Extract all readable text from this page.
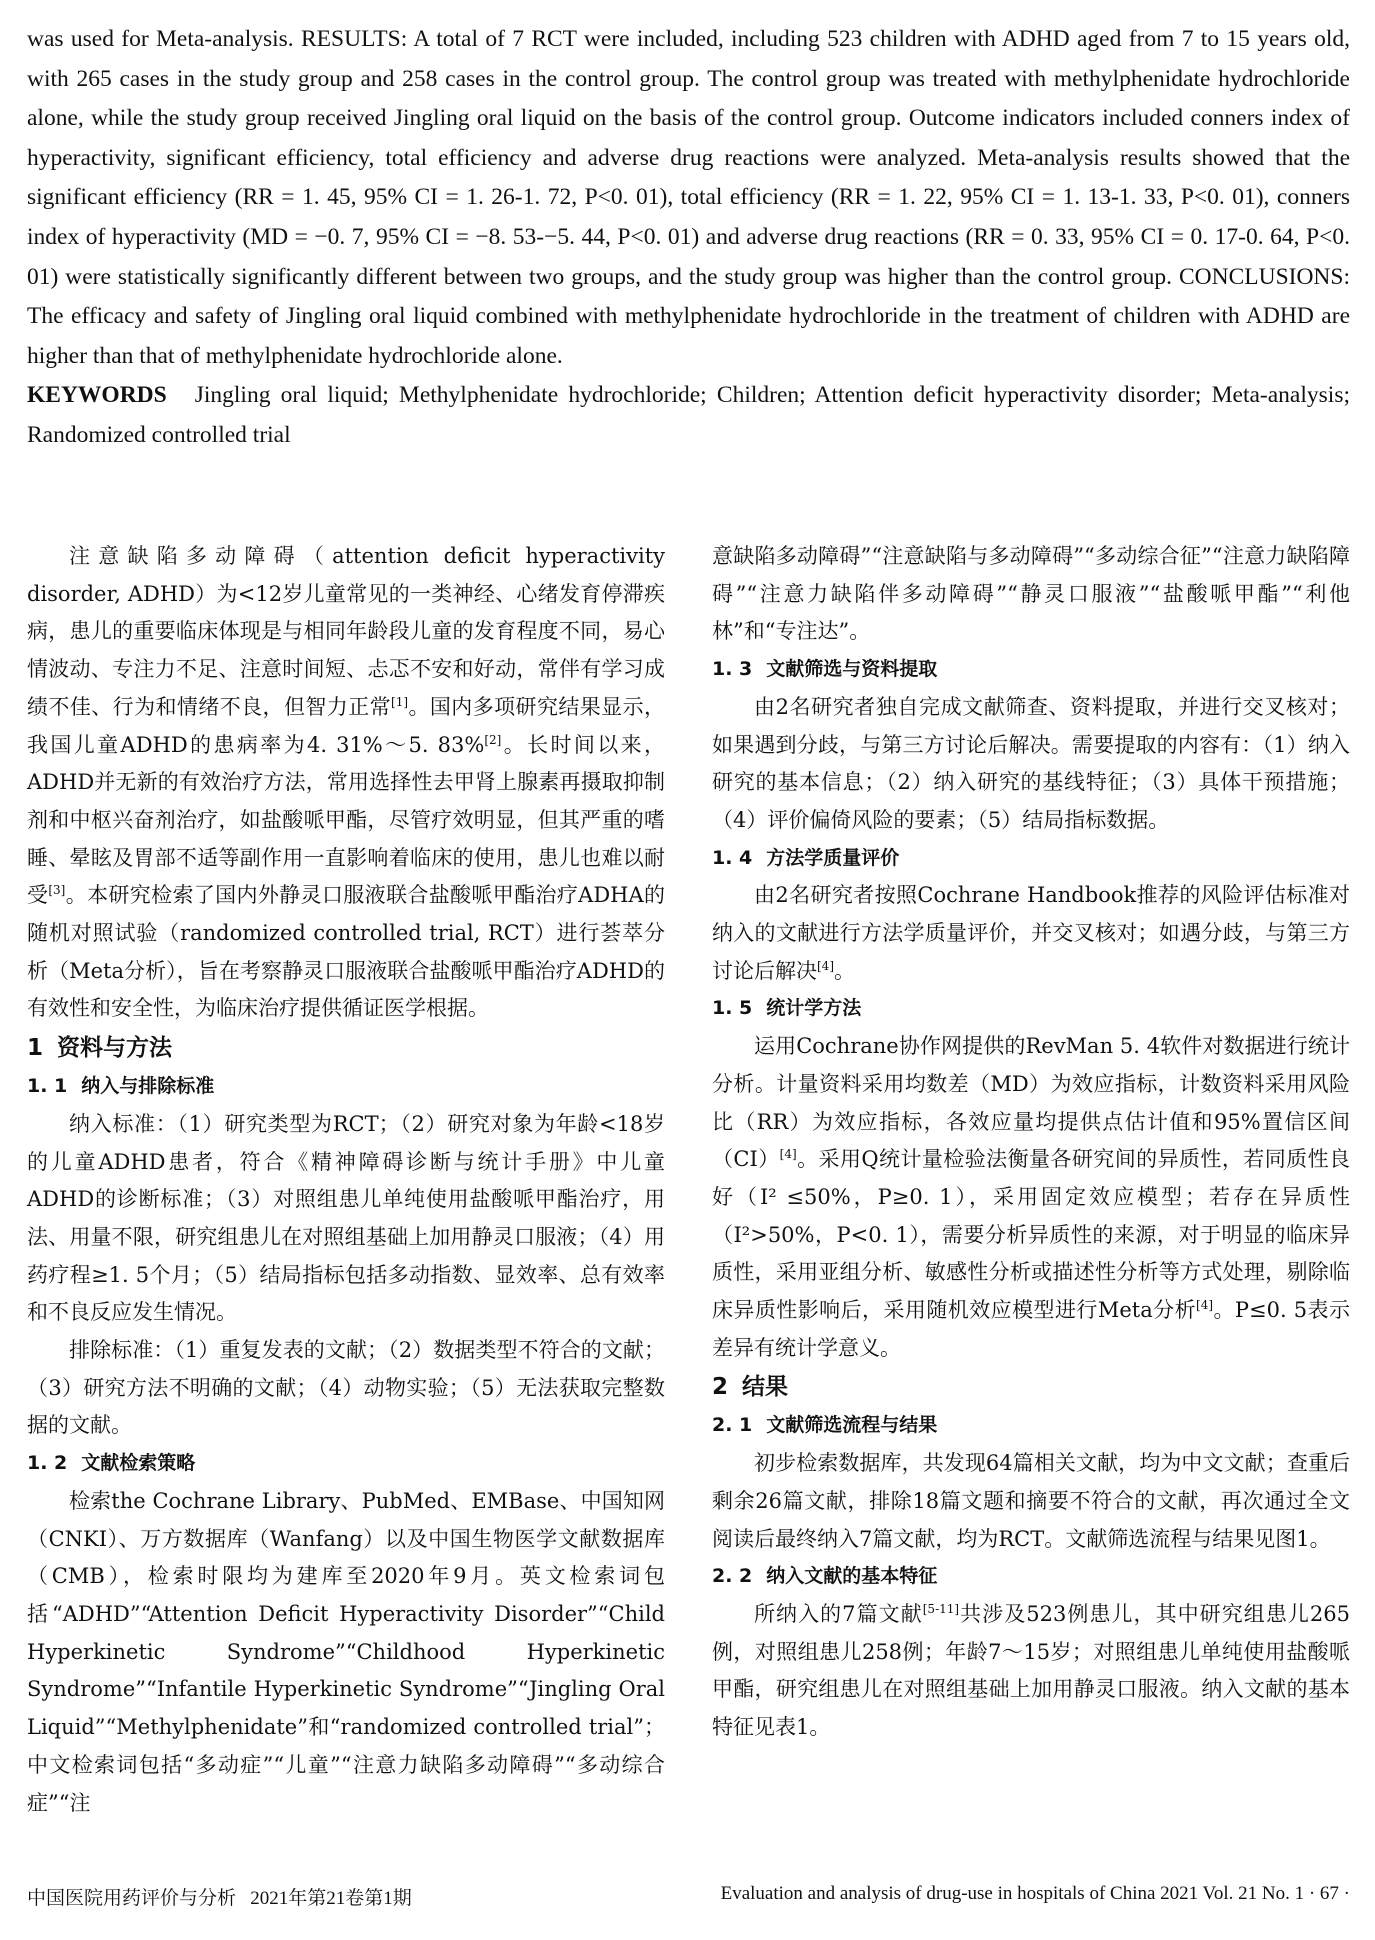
was used for Meta-analysis. RESULTS: A total of 7 RCT were included, including 523 children with ADHD aged from 7 to 15 years old, with 265 cases in the study group and 258 cases in the control group. The control group was treated with methylphenidate hydrochloride alone, while the study group received Jingling oral liquid on the basis of the control group. Outcome indicators included conners index of hyperactivity, significant efficiency, total efficiency and adverse drug reactions were analyzed. Meta-analysis results showed that the significant efficiency (RR = 1. 45, 95% CI = 1. 26-1. 72, P<0. 01), total efficiency (RR = 1. 22, 95% CI = 1. 13-1. 33, P<0. 01), conners index of hyperactivity (MD = −0. 7, 95% CI = −8. 53-−5. 44, P<0. 01) and adverse drug reactions (RR = 0. 33, 95% CI = 0. 17-0. 64, P<0. 01) were statistically significantly different between two groups, and the study group was higher than the control group. CONCLUSIONS: The efficacy and safety of Jingling oral liquid combined with methylphenidate hydrochloride in the treatment of children with ADHD are higher than that of methylphenidate hydrochloride alone.

KEYWORDS Jingling oral liquid; Methylphenidate hydrochloride; Children; Attention deficit hyperactivity disorder; Meta-analysis; Randomized controlled trial

注意缺陷多动障碍（attention deficit hyperactivity disorder, ADHD）为<12岁儿童常见的一类神经、心绪发育停滞疾病，患儿的重要临床体现是与相同年龄段儿童的发育程度不同，易心情波动、专注力不足、注意时间短、忐忑不安和好动，常伴有学习成绩不佳、行为和情绪不良，但智力正常[1]。国内多项研究结果显示，我国儿童ADHD的患病率为4. 31%～5. 83%[2]。长时间以来，ADHD并无新的有效治疗方法，常用选择性去甲肾上腺素再摄取抑制剂和中枢兴奋剂治疗，如盐酸哌甲酯，尽管疗效明显，但其严重的嗜睡、晕眩及胃部不适等副作用一直影响着临床的使用，患儿也难以耐受[3]。本研究检索了国内外静灵口服液联合盐酸哌甲酯治疗ADHA的随机对照试验（randomized controlled trial, RCT）进行荟萃分析（Meta分析），旨在考察静灵口服液联合盐酸哌甲酯治疗ADHD的有效性和安全性，为临床治疗提供循证医学根据。

1 资料与方法
1. 1 纳入与排除标准

纳入标准：（1）研究类型为RCT；（2）研究对象为年龄<18岁的儿童ADHD患者，符合《精神障碍诊断与统计手册》中儿童ADHD的诊断标准；（3）对照组患儿单纯使用盐酸哌甲酯治疗，用法、用量不限，研究组患儿在对照组基础上加用静灵口服液；（4）用药疗程≥1. 5个月；（5）结局指标包括多动指数、显效率、总有效率和不良反应发生情况。

排除标准：（1）重复发表的文献；（2）数据类型不符合的文献；（3）研究方法不明确的文献；（4）动物实验；（5）无法获取完整数据的文献。

1. 2 文献检索策略

检索the Cochrane Library、PubMed、EMBase、中国知网（CNKI）、万方数据库（Wanfang）以及中国生物医学文献数据库（CMB），检索时限均为建库至2020年9月。英文检索词包括“ADHD”“Attention Deficit Hyperactivity Disorder”“Child Hyperkinetic Syndrome”“Childhood Hyperkinetic Syndrome”“Infantile Hyperkinetic Syndrome”“Jingling Oral Liquid”“Methylphenidate”和“randomized controlled trial”；中文检索词包括“多动症”“儿童”“注意力缺陷多动障碍”“多动综合症”“注

意缺陷多动障碍”“注意缺陷与多动障碍”“多动综合征”“注意力缺陷障碍”“注意力缺陷伴多动障碍”“静灵口服液”“盐酸哌甲酯”“利他林”和“专注达”。

1. 3 文献筛选与资料提取

由2名研究者独自完成文献筛查、资料提取，并进行交叉核对；如果遇到分歧，与第三方讨论后解决。需要提取的内容有：（1）纳入研究的基本信息；（2）纳入研究的基线特征；（3）具体干预措施；（4）评价偏倚风险的要素；（5）结局指标数据。

1. 4 方法学质量评价

由2名研究者按照Cochrane Handbook推荐的风险评估标准对纳入的文献进行方法学质量评价，并交叉核对；如遇分歧，与第三方讨论后解决[4]。

1. 5 统计学方法

运用Cochrane协作网提供的RevMan 5. 4软件对数据进行统计分析。计量资料采用均数差（MD）为效应指标，计数资料采用风险比（RR）为效应指标，各效应量均提供点估计值和95%置信区间（CI）[4]。采用Q统计量检验法衡量各研究间的异质性，若同质性良好（I² ≤50%，P≥0. 1），采用固定效应模型；若存在异质性（I²>50%，P<0. 1），需要分析异质性的来源，对于明显的临床异质性，采用亚组分析、敏感性分析或描述性分析等方式处理，剔除临床异质性影响后，采用随机效应模型进行Meta分析[4]。P≤0. 5表示差异有统计学意义。

2 结果
2. 1 文献筛选流程与结果

初步检索数据库，共发现64篇相关文献，均为中文文献；查重后剩余26篇文献，排除18篇文题和摘要不符合的文献，再次通过全文阅读后最终纳入7篇文献，均为RCT。文献筛选流程与结果见图1。

2. 2 纳入文献的基本特征

所纳入的7篇文献[5-11]共涉及523例患儿，其中研究组患儿265例，对照组患儿258例；年龄7～15岁；对照组患儿单纯使用盐酸哌甲酯，研究组患儿在对照组基础上加用静灵口服液。纳入文献的基本特征见表1。

中国医院用药评价与分析   2021年第21卷第1期	Evaluation and analysis of drug-use in hospitals of China 2021 Vol. 21 No. 1 · 67 ·
